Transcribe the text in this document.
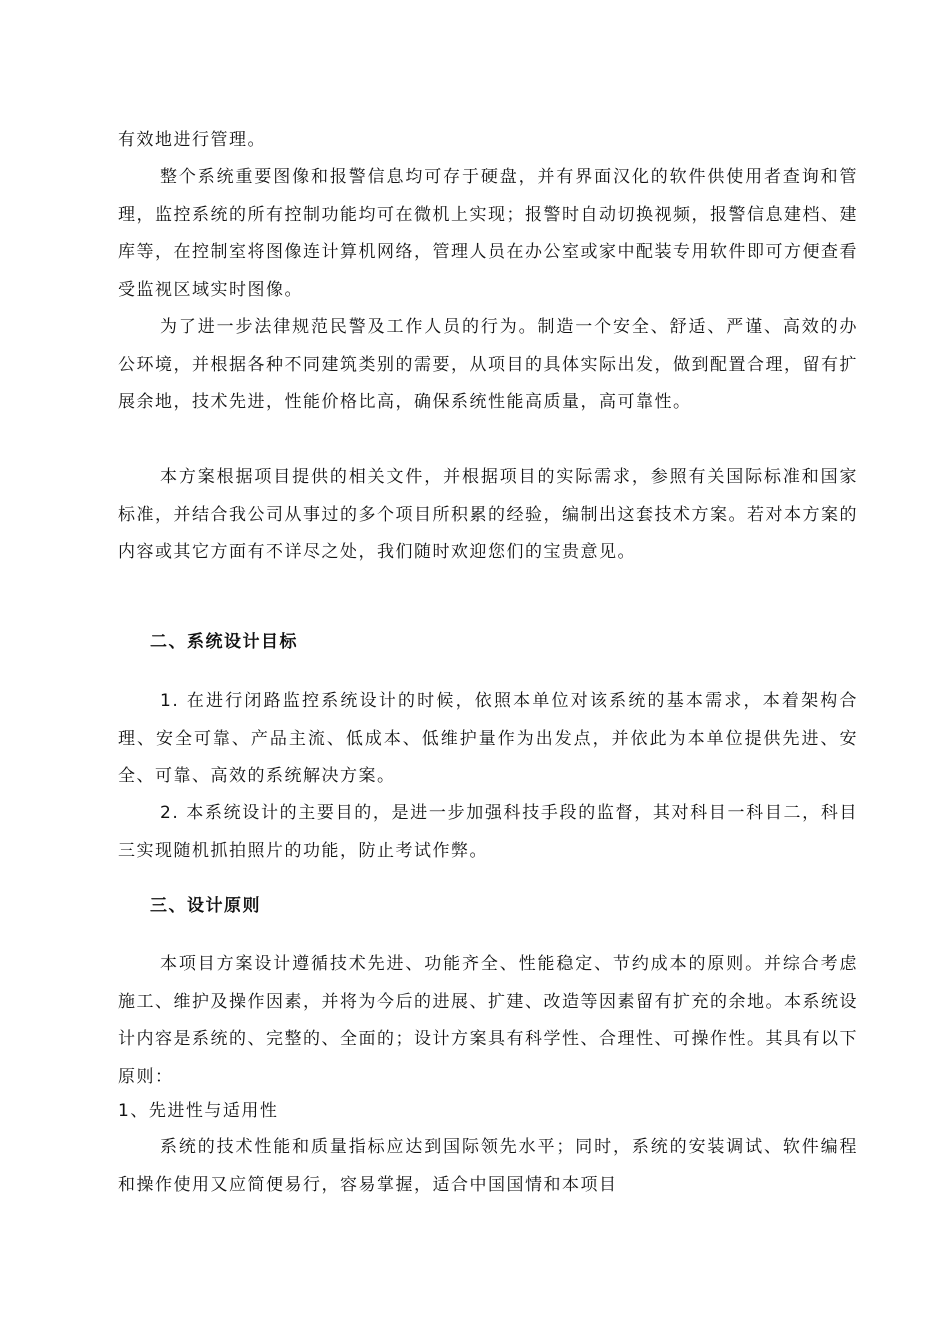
有效地进行管理。

整个系统重要图像和报警信息均可存于硬盘，并有界面汉化的软件供使用者查询和管理，监控系统的所有控制功能均可在微机上实现；报警时自动切换视频，报警信息建档、建库等，在控制室将图像连计算机网络，管理人员在办公室或家中配装专用软件即可方便查看受监视区域实时图像。

为了进一步法律规范民警及工作人员的行为。制造一个安全、舒适、严谨、高效的办公环境，并根据各种不同建筑类别的需要，从项目的具体实际出发，做到配置合理，留有扩展余地，技术先进，性能价格比高，确保系统性能高质量，高可靠性。

本方案根据项目提供的相关文件，并根据项目的实际需求，参照有关国际标准和国家标准，并结合我公司从事过的多个项目所积累的经验，编制出这套技术方案。若对本方案的内容或其它方面有不详尽之处，我们随时欢迎您们的宝贵意见。

二、系统设计目标

1. 在进行闭路监控系统设计的时候，依照本单位对该系统的基本需求，本着架构合理、安全可靠、产品主流、低成本、低维护量作为出发点，并依此为本单位提供先进、安全、可靠、高效的系统解决方案。

2. 本系统设计的主要目的，是进一步加强科技手段的监督，其对科目一科目二，科目三实现随机抓拍照片的功能，防止考试作弊。

三、设计原则

本项目方案设计遵循技术先进、功能齐全、性能稳定、节约成本的原则。并综合考虑施工、维护及操作因素，并将为今后的进展、扩建、改造等因素留有扩充的余地。本系统设计内容是系统的、完整的、全面的；设计方案具有科学性、合理性、可操作性。其具有以下原则：

1、先进性与适用性

系统的技术性能和质量指标应达到国际领先水平；同时，系统的安装调试、软件编程和操作使用又应简便易行，容易掌握，适合中国国情和本项目
